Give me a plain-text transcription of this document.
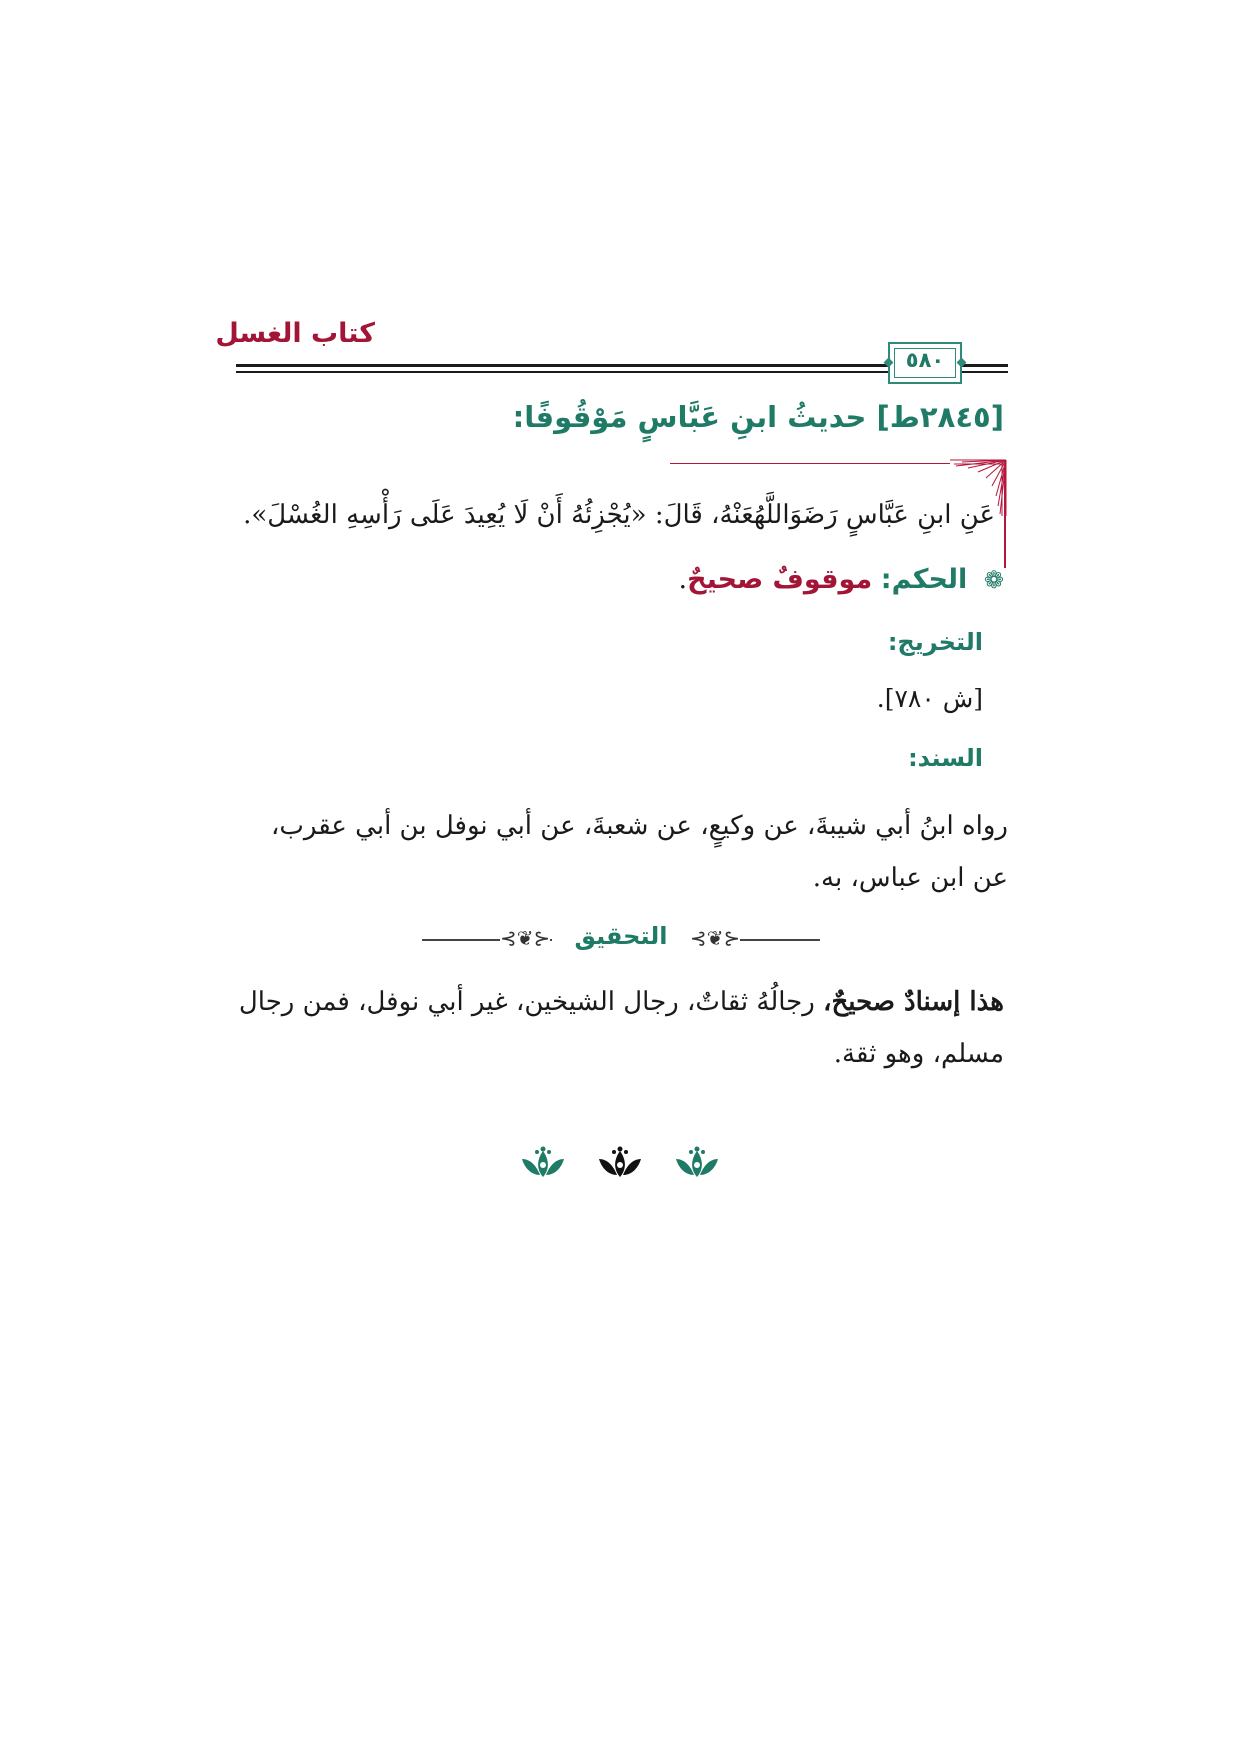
كتاب الغسل
٥٨٠
[٢٨٤٥ط] حديثُ ابنِ عَبَّاسٍ مَوْقُوفًا:
عَنِ ابنِ عَبَّاسٍ رَضَوَاللَّهُعَنْهُ، قَالَ: «يُجْزِئُهُ أَنْ لَا يُعِيدَ عَلَى رَأْسِهِ الغُسْلَ».
❁ الحكم: موقوفٌ صحيحٌ.
التخريج:
[ش ٧٨٠].
السند:
رواه ابنُ أبي شيبةَ، عن وكيعٍ، عن شعبةَ، عن أبي نوفل بن أبي عقرب، عن ابن عباس، به.
⊰❦⊱	⊰❦⊱
التحقيق
هذا إسنادٌ صحيحٌ، رجالُهُ ثقاتٌ، رجال الشيخين، غير أبي نوفل، فمن رجال مسلم، وهو ثقة.
